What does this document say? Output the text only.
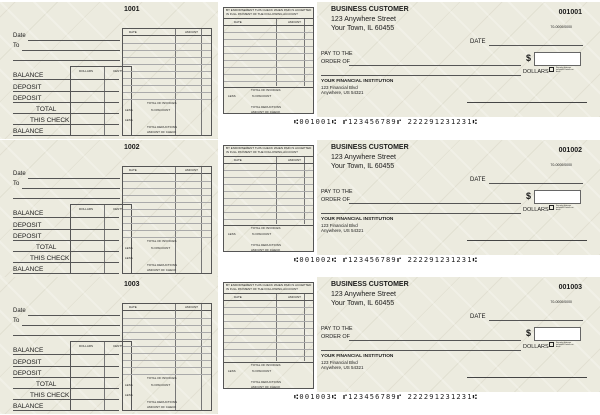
1001
Date
To
DOLLARS	CENTS
BALANCE
DEPOSIT
DEPOSIT
TOTAL
THIS CHECK
BALANCE
DATE	AMOUNT
TOTAL OF INVOICES
LESS	% DISCOUNT
LESS
TOTAL DEDUCTIONS
AMOUNT OF CHECK
BY ENDORSEMENT THIS CHECK WHEN PAID IS ACCEPTED IN FULL PAYMENT OF THE FOLLOWING ACCOUNT
DATE	AMOUNT
TOTAL OF INVOICES
LESS	% DISCOUNT
TOTAL DEDUCTIONS
AMOUNT OF CHECK
BUSINESS CUSTOMER
123 Anywhere Street
Your Town, IL 60455
001001
70-0000/0000
DATE
PAY TO THE
ORDER OF	$
DOLLARS
Security features included. Details on back.
YOUR FINANCIAL INSTITUTION
123 Financial Blvd
Anywhere, US 54321
⑆001001⑆ ⑈123456789⑈ 222291231231⑆
1002
Date
To
DOLLARS	CENTS
BALANCE
DEPOSIT
DEPOSIT
TOTAL
THIS CHECK
BALANCE
DATE	AMOUNT
TOTAL OF INVOICES
LESS	% DISCOUNT
LESS
TOTAL DEDUCTIONS
AMOUNT OF CHECK
BY ENDORSEMENT THIS CHECK WHEN PAID IS ACCEPTED IN FULL PAYMENT OF THE FOLLOWING ACCOUNT
DATE	AMOUNT
TOTAL OF INVOICES
LESS	% DISCOUNT
TOTAL DEDUCTIONS
AMOUNT OF CHECK
BUSINESS CUSTOMER
123 Anywhere Street
Your Town, IL 60455
001002
70-0000/0000
DATE
PAY TO THE
ORDER OF	$
DOLLARS
Security features included. Details on back.
YOUR FINANCIAL INSTITUTION
123 Financial Blvd
Anywhere, US 54321
⑆001002⑆ ⑈123456789⑈ 222291231231⑆
1003
Date
To
DOLLARS	CENTS
BALANCE
DEPOSIT
DEPOSIT
TOTAL
THIS CHECK
BALANCE
DATE	AMOUNT
TOTAL OF INVOICES
LESS	% DISCOUNT
LESS
TOTAL DEDUCTIONS
AMOUNT OF CHECK
BY ENDORSEMENT THIS CHECK WHEN PAID IS ACCEPTED IN FULL PAYMENT OF THE FOLLOWING ACCOUNT
DATE	AMOUNT
TOTAL OF INVOICES
LESS	% DISCOUNT
TOTAL DEDUCTIONS
AMOUNT OF CHECK
BUSINESS CUSTOMER
123 Anywhere Street
Your Town, IL 60455
001003
70-0000/0000
DATE
PAY TO THE
ORDER OF	$
DOLLARS
Security features included. Details on back.
YOUR FINANCIAL INSTITUTION
123 Financial Blvd
Anywhere, US 54321
⑆001003⑆ ⑈123456789⑈ 222291231231⑆
